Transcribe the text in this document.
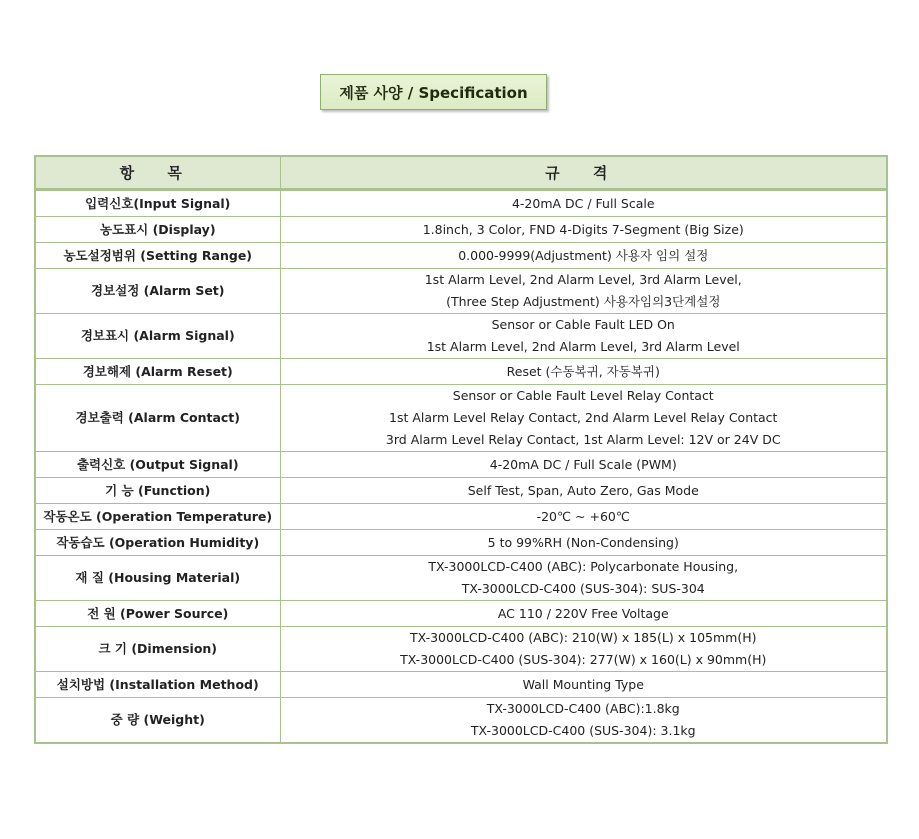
제품 사양 / Specification
항 목	규 격
입력신호(Input Signal)	4-20mA DC / Full Scale

농도표시 (Display)	1.8inch, 3 Color, FND 4-Digits 7-Segment (Big Size)

농도설정범위 (Setting Range)	0.000-9999(Adjustment) 사용자 임의 설정

경보설정 (Alarm Set)	1st Alarm Level, 2nd Alarm Level, 3rd Alarm Level,
(Three Step Adjustment) 사용자임의3단계설정

경보표시 (Alarm Signal)	Sensor or Cable Fault LED On
1st Alarm Level, 2nd Alarm Level, 3rd Alarm Level

경보해제 (Alarm Reset)	Reset (수동복귀, 자동복귀)

경보출력 (Alarm Contact)	Sensor or Cable Fault Level Relay Contact
1st Alarm Level Relay Contact, 2nd Alarm Level Relay Contact
3rd Alarm Level Relay Contact, 1st Alarm Level: 12V or 24V DC

출력신호 (Output Signal)	4-20mA DC / Full Scale (PWM)

기 능 (Function)	Self Test, Span, Auto Zero, Gas Mode

작동온도 (Operation Temperature)	-20℃ ~ +60℃

작동습도 (Operation Humidity)	5 to 99%RH (Non-Condensing)

재 질 (Housing Material)	TX-3000LCD-C400 (ABC): Polycarbonate Housing,
TX-3000LCD-C400 (SUS-304): SUS-304

전 원 (Power Source)	AC 110 / 220V Free Voltage

크 기 (Dimension)	TX-3000LCD-C400 (ABC): 210(W) x 185(L) x 105mm(H)
TX-3000LCD-C400 (SUS-304): 277(W) x 160(L) x 90mm(H)

설치방법 (Installation Method)	Wall Mounting Type

중 량 (Weight)	TX-3000LCD-C400 (ABC):1.8kg
TX-3000LCD-C400 (SUS-304): 3.1kg
